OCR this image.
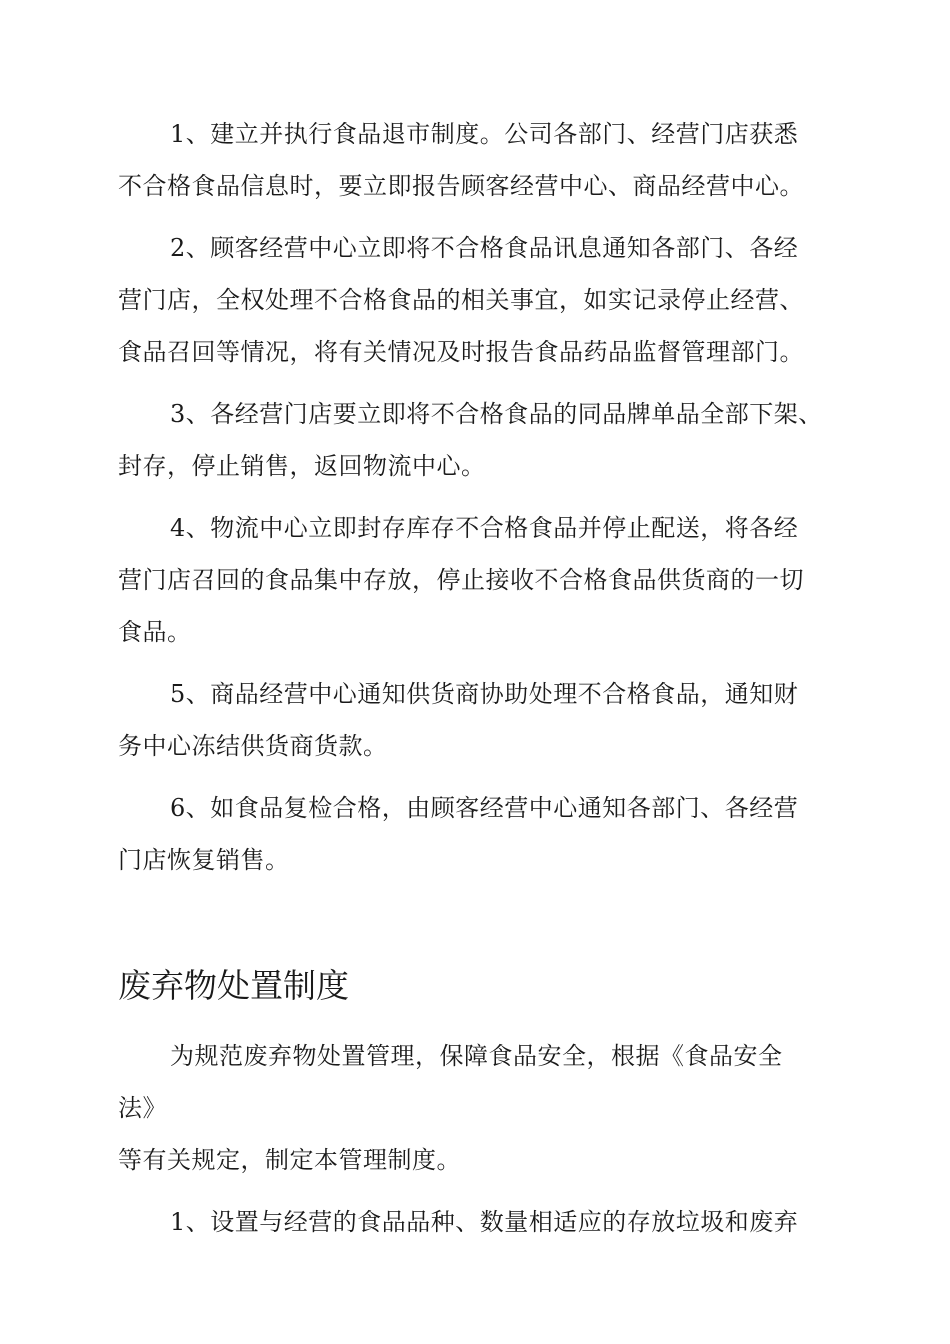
1、建立并执行食品退市制度。公司各部门、经营门店获悉
不合格食品信息时，要立即报告顾客经营中心、商品经营中心。
2、顾客经营中心立即将不合格食品讯息通知各部门、各经
营门店，全权处理不合格食品的相关事宜，如实记录停止经营、
食品召回等情况，将有关情况及时报告食品药品监督管理部门。
3、各经营门店要立即将不合格食品的同品牌单品全部下架、
封存，停止销售，返回物流中心。
4、物流中心立即封存库存不合格食品并停止配送，将各经
营门店召回的食品集中存放，停止接收不合格食品供货商的一切
食品。
5、商品经营中心通知供货商协助处理不合格食品，通知财
务中心冻结供货商货款。
6、如食品复检合格，由顾客经营中心通知各部门、各经营
门店恢复销售。
废弃物处置制度
为规范废弃物处置管理，保障食品安全，根据《食品安全
法》
等有关规定，制定本管理制度。
1、设置与经营的食品品种、数量相适应的存放垃圾和废弃
